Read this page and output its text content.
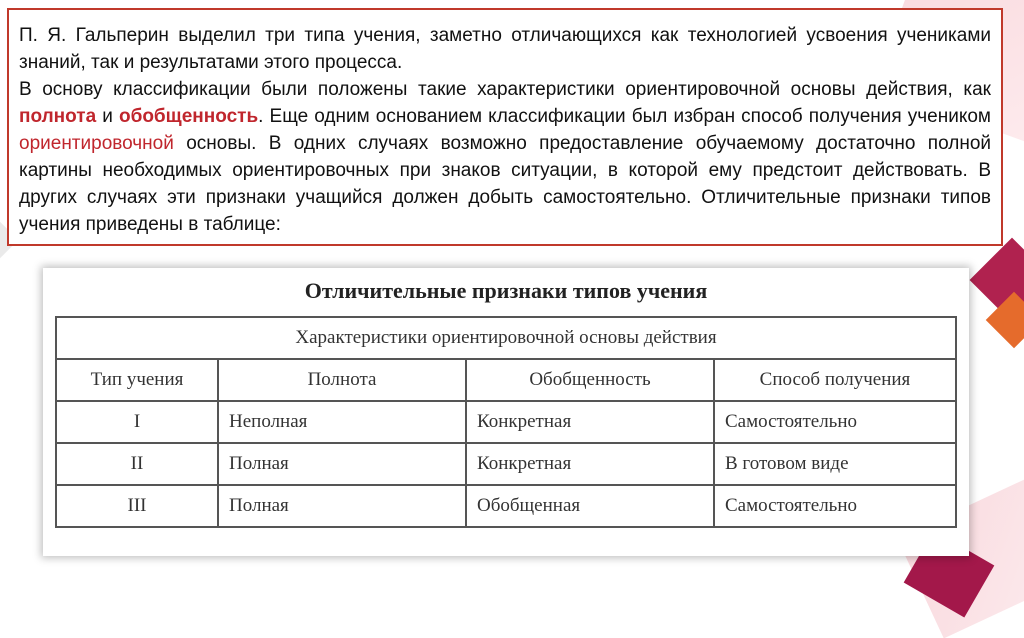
П. Я. Гальперин выделил три типа учения, заметно отличающихся как технологией усвоения учениками знаний, так и результатами этого процесса.

В основу классификации были положены такие характеристики ориентировочной основы действия, как полнота и обобщенность. Еще одним основанием классификации был избран способ получения учеником ориентировочной основы. В одних случаях возможно предоставление обучаемому достаточно полной картины необходимых ориентировочных при знаков ситуации, в которой ему предстоит действовать. В других случаях эти признаки учащийся должен добыть самостоятельно. Отличительные признаки типов учения приведены в таблице:

Отличительные признаки типов учения
Характеристики ориентировочной основы действия			
Тип учения	Полнота	Обобщенность	Способ получения
I	Неполная	Конкретная	Самостоятельно
II	Полная	Конкретная	В готовом виде
III	Полная	Обобщенная	Самостоятельно
